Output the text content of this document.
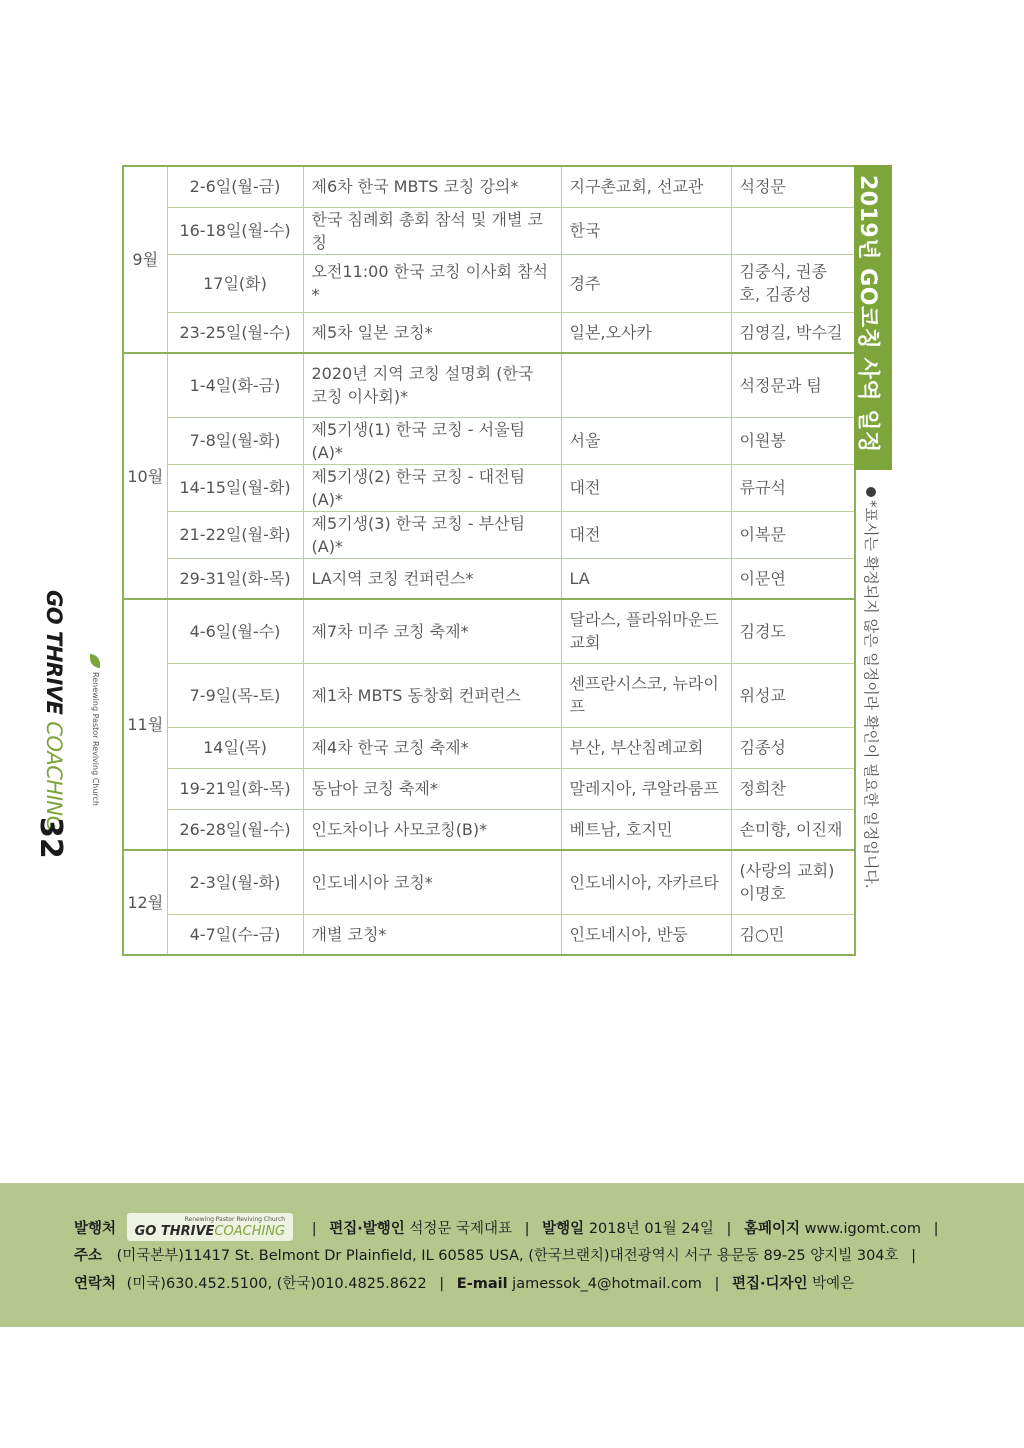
9월	2-6일(월-금)	제6차 한국 MBTS 코칭 강의*	지구촌교회, 선교관	석정문
	16-18일(월-수)	한국 침례회 총회 참석 및 개별 코칭	한국	
	17일(화)	오전11:00 한국 코칭 이사회 참석*	경주	김중식, 권종호, 김종성
	23-25일(월-수)	제5차 일본 코칭*	일본,오사카	김영길, 박수길
10월	1-4일(화-금)	2020년 지역 코칭 설명회 (한국 코칭 이사회)*		석정문과 팀
	7-8일(월-화)	제5기생(1) 한국 코칭 - 서울팀(A)*	서울	이원봉
	14-15일(월-화)	제5기생(2) 한국 코칭 - 대전팀(A)*	대전	류규석
	21-22일(월-화)	제5기생(3) 한국 코칭 - 부산팀(A)*	대전	이복문
	29-31일(화-목)	LA지역 코칭 컨퍼런스*	LA	이문연
11월	4-6일(월-수)	제7차 미주 코칭 축제*	달라스, 플라워마운드 교회	김경도
	7-9일(목-토)	제1차 MBTS 동창회 컨퍼런스	센프란시스코, 뉴라이프	위성교
	14일(목)	제4차 한국 코칭 축제*	부산, 부산침례교회	김종성
	19-21일(화-목)	동남아 코칭 축제*	말레지아, 쿠알라룸프	정희찬
	26-28일(월-수)	인도차이나 사모코칭(B)*	베트남, 호지민	손미향, 이진재
12월	2-3일(월-화)	인도네시아 코칭*	인도네시아, 자카르타	(사랑의 교회) 이명호
	4-7일(수-금)	개별 코칭*	인도네시아, 반둥	김○민
2019년 GO코칭 사역 일정
*표시는 확정되지 않은 일정이라 확인이 필요한 일정입니다.
GO THRIVE COACHING	Renewing Pastor Reviving Church
32
발행처
Renewing Pastor Reviving Church
GO THRIVECOACHING | 편집·발행인 석정문 국제대표 | 발행일 2018년 01월 24일 | 홈페이지 www.igomt.com |
주소 (미국본부)11417 St. Belmont Dr Plainfield, IL 60585 USA, (한국브랜치)대전광역시 서구 용문동 89-25 양지빌 304호 |
연락처 (미국)630.452.5100, (한국)010.4825.8622 | E-mail jamessok_4@hotmail.com | 편집·디자인 박예은
